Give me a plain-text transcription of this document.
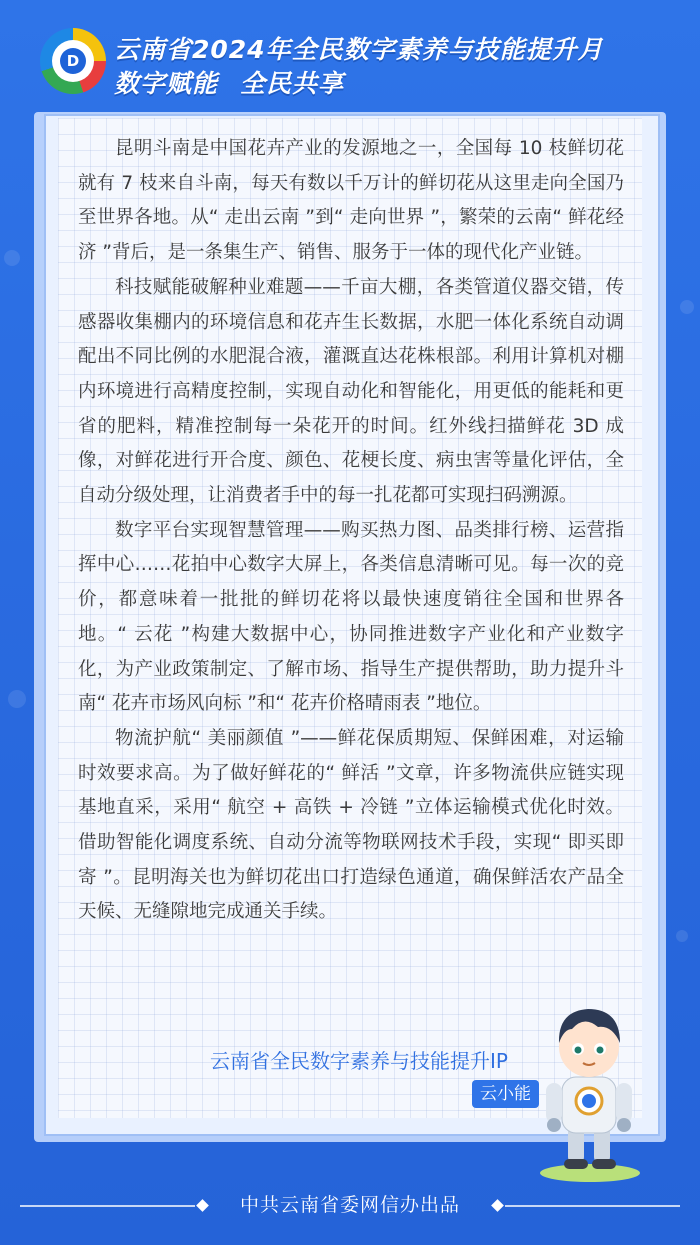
D 云南省2024年全民数字素养与技能提升月
数字赋能 全民共享

昆明斗南是中国花卉产业的发源地之一，全国每 10 枝鲜切花就有 7 枝来自斗南，每天有数以千万计的鲜切花从这里走向全国乃至世界各地。从“ 走出云南 ”到“ 走向世界 ”，繁荣的云南“ 鲜花经济 ”背后，是一条集生产、销售、服务于一体的现代化产业链。

科技赋能破解种业难题——千亩大棚，各类管道仪器交错，传感器收集棚内的环境信息和花卉生长数据，水肥一体化系统自动调配出不同比例的水肥混合液，灌溉直达花株根部。利用计算机对棚内环境进行高精度控制，实现自动化和智能化，用更低的能耗和更省的肥料，精准控制每一朵花开的时间。红外线扫描鲜花 3D 成像，对鲜花进行开合度、颜色、花梗长度、病虫害等量化评估，全自动分级处理，让消费者手中的每一扎花都可实现扫码溯源。

数字平台实现智慧管理——购买热力图、品类排行榜、运营指挥中心……花拍中心数字大屏上，各类信息清晰可见。每一次的竞价，都意味着一批批的鲜切花将以最快速度销往全国和世界各地。“ 云花 ”构建大数据中心，协同推进数字产业化和产业数字化，为产业政策制定、了解市场、指导生产提供帮助，助力提升斗南“ 花卉市场风向标 ”和“ 花卉价格晴雨表 ”地位。

物流护航“ 美丽颜值 ”——鲜花保质期短、保鲜困难，对运输时效要求高。为了做好鲜花的“ 鲜活 ”文章，许多物流供应链实现基地直采，采用“ 航空 + 高铁 + 冷链 ”立体运输模式优化时效。借助智能化调度系统、自动分流等物联网技术手段，实现“ 即买即寄 ”。昆明海关也为鲜切花出口打造绿色通道，确保鲜活农产品全天候、无缝隙地完成通关手续。

云南省全民数字素养与技能提升IP
云小能
中共云南省委网信办出品
